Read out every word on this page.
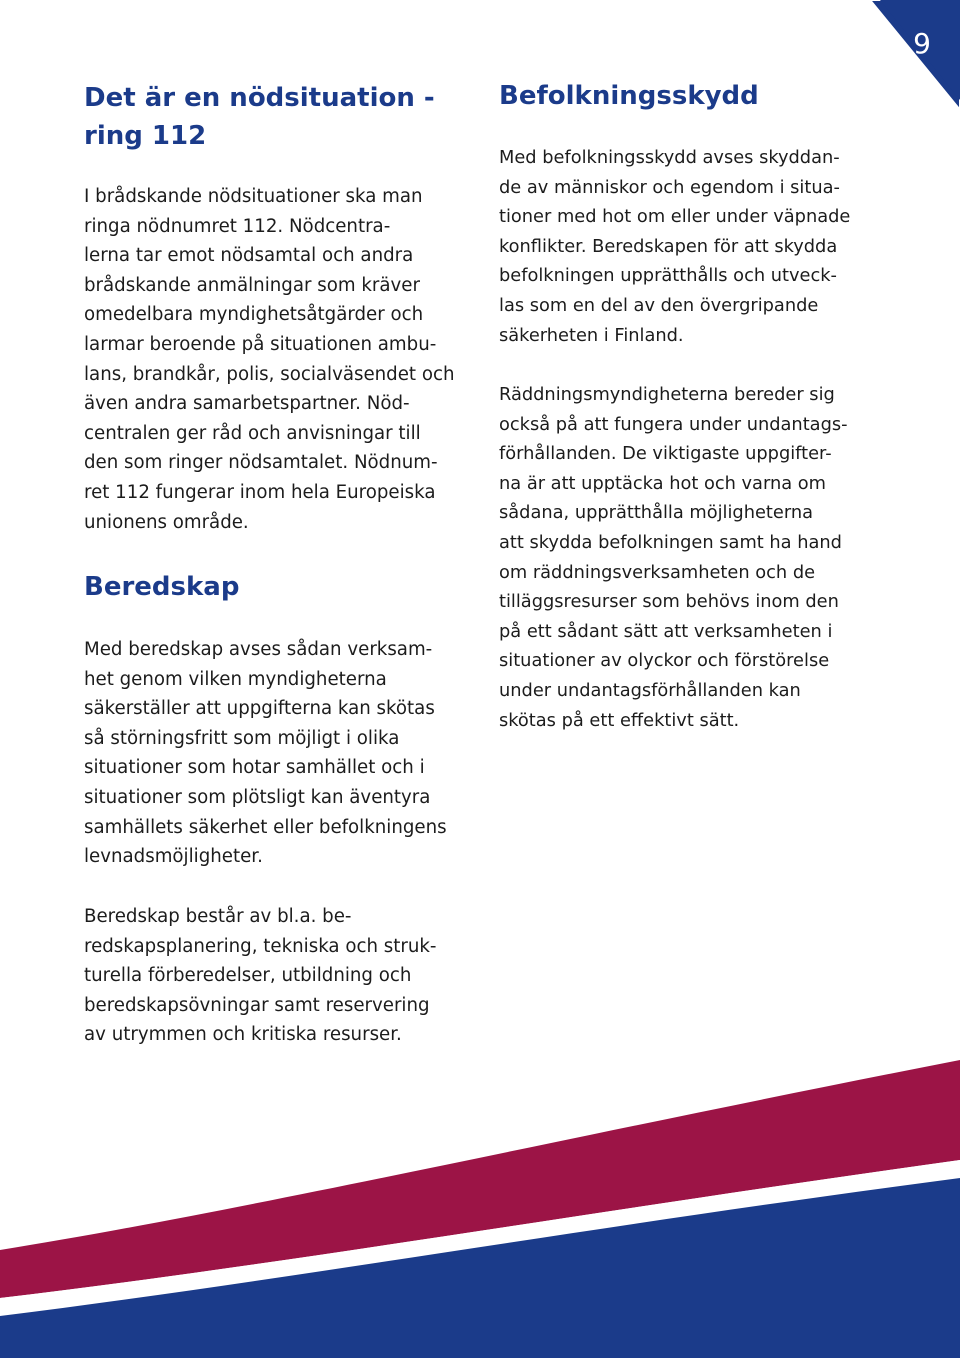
9
Det är en nödsituation -
ring 112

I brådskande nödsituationer ska man
ringa nödnumret 112. Nödcentra-
lerna tar emot nödsamtal och andra
brådskande anmälningar som kräver
omedelbara myndighetsåtgärder och
larmar beroende på situationen ambu-
lans, brandkår, polis, socialväsendet och
även andra samarbetspartner. Nöd-
centralen ger råd och anvisningar till
den som ringer nödsamtalet. Nödnum-
ret 112 fungerar inom hela Europeiska
unionens område.

Beredskap

Med beredskap avses sådan verksam-
het genom vilken myndigheterna
säkerställer att uppgifterna kan skötas
så störningsfritt som möjligt i olika
situationer som hotar samhället och i
situationer som plötsligt kan äventyra
samhällets säkerhet eller befolkningens
levnadsmöjligheter.

Beredskap består av bl.a. be-
redskapsplanering, tekniska och struk-
turella förberedelser, utbildning och
beredskapsövningar samt reservering
av utrymmen och kritiska resurser.

Befolkningsskydd

Med befolkningsskydd avses skyddan-
de av människor och egendom i situa-
tioner med hot om eller under väpnade
konflikter. Beredskapen för att skydda
befolkningen upprätthålls och utveck-
las som en del av den övergripande
säkerheten i Finland.

Räddningsmyndigheterna bereder sig
också på att fungera under undantags-
förhållanden. De viktigaste uppgifter-
na är att upptäcka hot och varna om
sådana, upprätthålla möjligheterna
att skydda befolkningen samt ha hand
om räddningsverksamheten och de
tilläggsresurser som behövs inom den
på ett sådant sätt att verksamheten i
situationer av olyckor och förstörelse
under undantagsförhållanden kan
skötas på ett effektivt sätt.
